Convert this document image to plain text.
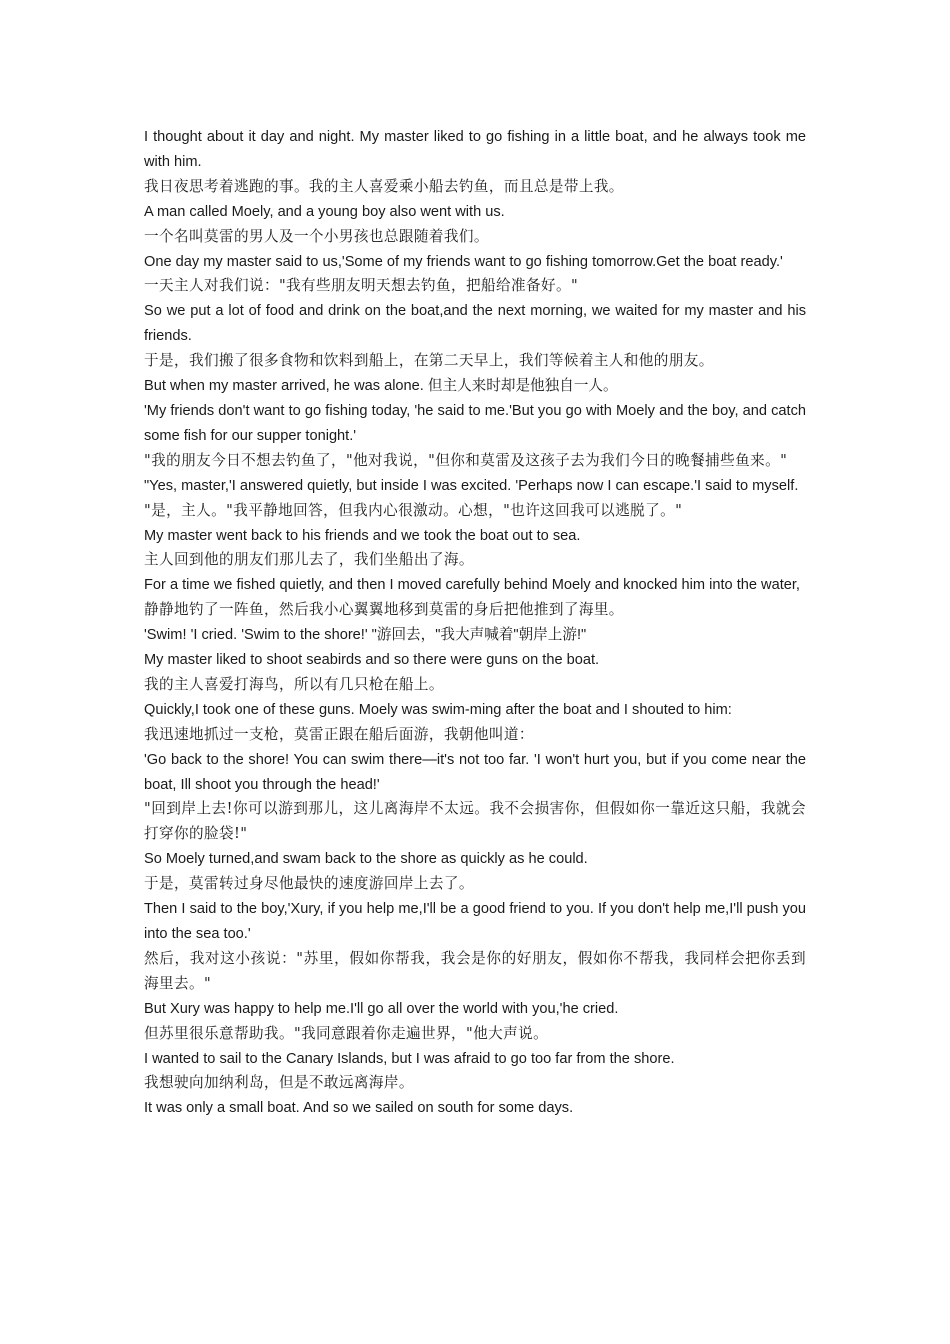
I thought about it day and night. My master liked to go fishing in a little boat, and he always took me with him.

我日夜思考着逃跑的事。我的主人喜爱乘小船去钓鱼，而且总是带上我。

A man called Moely, and a young boy also went with us.

一个名叫莫雷的男人及一个小男孩也总跟随着我们。

One day my master said to us,'Some of my friends want to go fishing tomorrow.Get the boat ready.'

一天主人对我们说："我有些朋友明天想去钓鱼，把船给准备好。"

So we put a lot of food and drink on the boat,and the next morning, we waited for my master and his friends.

于是，我们搬了很多食物和饮料到船上，在第二天早上，我们等候着主人和他的朋友。

But when my master arrived, he was alone. 但主人来时却是他独自一人。

'My friends don't want to go fishing today, 'he said to me.'But you go with Moely and the boy, and catch some fish for our supper tonight.'

"我的朋友今日不想去钓鱼了，"他对我说，"但你和莫雷及这孩子去为我们今日的晚餐捕些鱼来。"

"Yes, master,'I answered quietly, but inside I was excited. 'Perhaps now I can escape.'I said to myself.

"是，主人。"我平静地回答，但我内心很激动。心想，"也许这回我可以逃脱了。"

My master went back to his friends and we took the boat out to sea.

主人回到他的朋友们那儿去了，我们坐船出了海。

For a time we fished quietly, and then I moved carefully behind Moely and knocked him into the water,

静静地钓了一阵鱼，然后我小心翼翼地移到莫雷的身后把他推到了海里。

'Swim! 'I cried. 'Swim to the shore!' "游回去，"我大声喊着"朝岸上游!"

My master liked to shoot seabirds and so there were guns on the boat.

我的主人喜爱打海鸟，所以有几只枪在船上。

Quickly,I took one of these guns. Moely was swim-ming after the boat and I shouted to him:

我迅速地抓过一支枪，莫雷正跟在船后面游，我朝他叫道：

'Go back to the shore! You can swim there—it's not too far. 'I won't hurt you, but if you come near the boat, Ill shoot you through the head!'

"回到岸上去!你可以游到那儿，这儿离海岸不太远。我不会损害你，但假如你一靠近这只船，我就会打穿你的脸袋!"

So Moely turned,and swam back to the shore as quickly as he could.

于是，莫雷转过身尽他最快的速度游回岸上去了。

Then I said to the boy,'Xury, if you help me,I'll be a good friend to you. If you don't help me,I'll push you into the sea too.'

然后，我对这小孩说："苏里，假如你帮我，我会是你的好朋友，假如你不帮我，我同样会把你丢到海里去。"

But Xury was happy to help me.I'll go all over the world with you,'he cried.

但苏里很乐意帮助我。"我同意跟着你走遍世界，"他大声说。

I wanted to sail to the Canary Islands, but I was afraid to go too far from the shore.

我想驶向加纳利岛，但是不敢远离海岸。

It was only a small boat. And so we sailed on south for some days.
